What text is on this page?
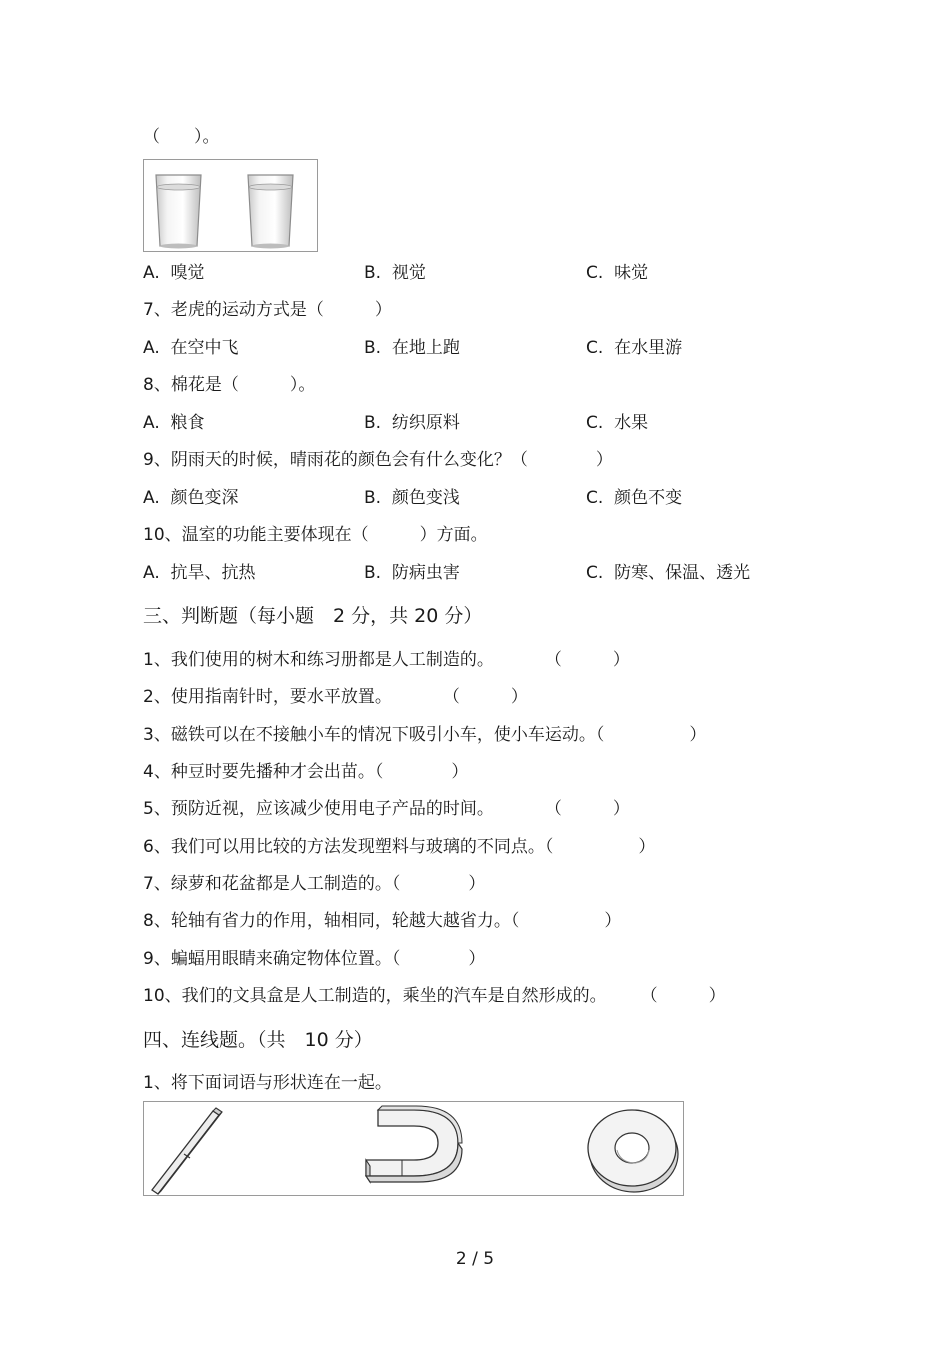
（　　）。
A.  嗅觉	B.  视觉	C.  味觉
7、老虎的运动方式是（　　　）
A.  在空中飞	B.  在地上跑	C.  在水里游
8、棉花是（　　　）。
A.  粮食	B.  纺织原料	C.  水果
9、阴雨天的时候，晴雨花的颜色会有什么变化？（　　　　）
A.  颜色变深	B.  颜色变浅	C.  颜色不变
10、温室的功能主要体现在（　　　）方面。
A.  抗旱、抗热	B.  防病虫害	C.  防寒、保温、透光
三、判断题（每小题　2 分，共 20 分）
1、我们使用的树木和练习册都是人工制造的。　　　　（　　　）
2、使用指南针时，要水平放置。　　　　（　　　）
3、磁铁可以在不接触小车的情况下吸引小车，使小车运动。（　　　　　）
4、种豆时要先播种才会出苗。（　　　　）
5、预防近视，应该减少使用电子产品的时间。　　　　（　　　）
6、我们可以用比较的方法发现塑料与玻璃的不同点。（　　　　　）
7、绿萝和花盆都是人工制造的。（　　　　）
8、轮轴有省力的作用，轴相同，轮越大越省力。（　　　　　）
9、蝙蝠用眼睛来确定物体位置。（　　　　）
10、我们的文具盒是人工制造的，乘坐的汽车是自然形成的。　　　（　　　）
四、连线题。（共　10 分）
1、将下面词语与形状连在一起。
2 / 5
